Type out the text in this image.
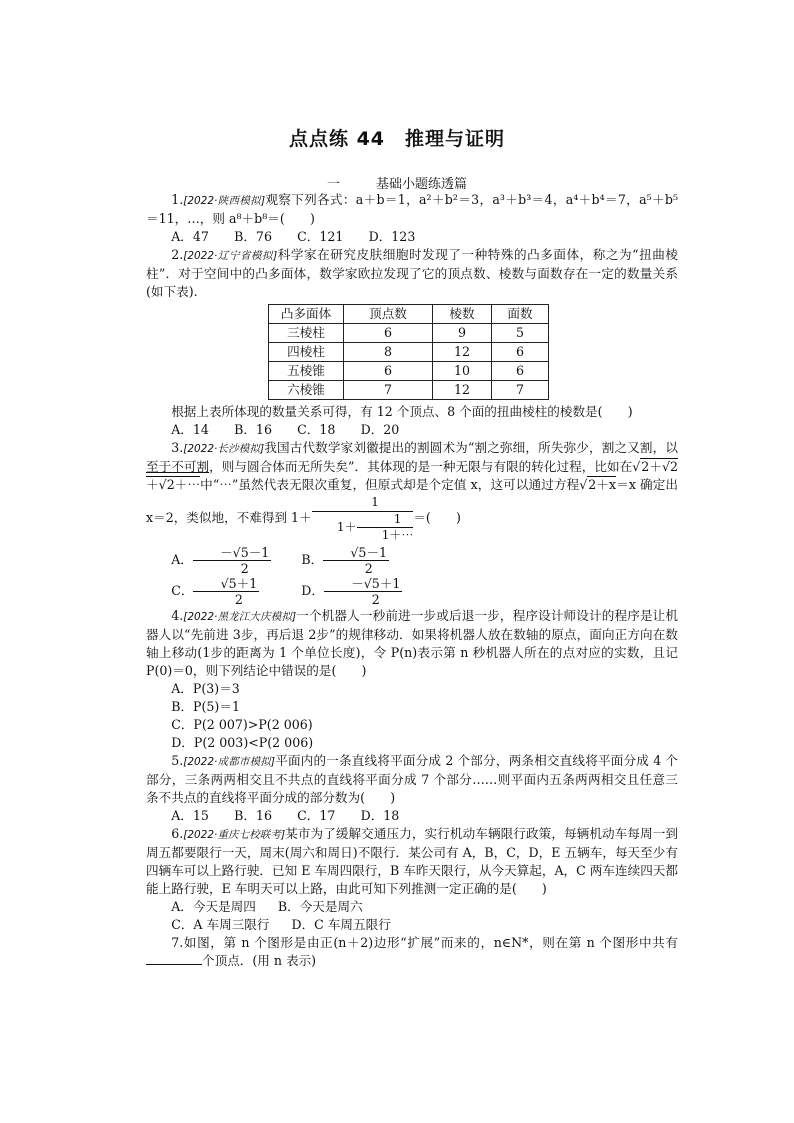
点点练 44　推理与证明
一	基础小题练透篇

1.[2022·陕西模拟]观察下列各式：a＋b＝1，a²＋b²＝3，a³＋b³＝4，a⁴＋b⁴＝7，a⁵＋b⁵＝11，…，则 a⁸＋b⁸＝(　　)

A．47　　B．76　　C．121　　D．123

2.[2022·辽宁省模拟]科学家在研究皮肤细胞时发现了一种特殊的凸多面体，称之为“扭曲棱柱”．对于空间中的凸多面体，数学家欧拉发现了它的顶点数、棱数与面数存在一定的数量关系(如下表).

凸多面体	顶点数	棱数	面数
三棱柱	6	9	5
四棱柱	8	12	6
五棱锥	6	10	6
六棱锥	7	12	7

根据上表所体现的数量关系可得，有 12 个顶点、8 个面的扭曲棱柱的棱数是(　　)

A．14　　B．16　　C．18　　D．20

3.[2022·长沙模拟]我国古代数学家刘徽提出的割圆术为“割之弥细，所失弥少，割之又割，以至于不可割，则与圆合体而无所失矣”．其体现的是一种无限与有限的转化过程，比如在 √ 2＋√2＋√2＋⋯中“⋯”虽然代表无限次重复，但原式却是个定值 x，这可以通过方程 √ 2＋x＝x 确定出 x＝2，类似地，不难得到 $1+ \frac{1}{1+ \frac{1}{1+\cdots}}$ ＝(　　)

A． $\frac{-√5-1}{2}$ B． $\frac{√5-1}{2}$

C． $\frac{√5+1}{2}$	D． $\frac{-√5+1}{2}$

4.[2022·黑龙江大庆模拟]一个机器人一秒前进一步或后退一步，程序设计师设计的程序是让机器人以“先前进 3步，再后退 2步”的规律移动．如果将机器人放在数轴的原点，面向正方向在数轴上移动(1步的距离为 1 个单位长度)，令 P(n)表示第 n 秒机器人所在的点对应的实数，且记 P(0)＝0，则下列结论中错误的是(　　)

A．P(3)＝3

B．P(5)＝1

C．P(2 007)>P(2 006)

D．P(2 003)<P(2 006)

5.[2022·成都市模拟]平面内的一条直线将平面分成 2 个部分，两条相交直线将平面分成 4 个部分，三条两两相交且不共点的直线将平面分成 7 个部分……则平面内五条两两相交且任意三条不共点的直线将平面分成的部分数为(　　)

A．15　　B．16　　C．17　　D．18

6.[2022·重庆七校联考]某市为了缓解交通压力，实行机动车辆限行政策，每辆机动车每周一到周五都要限行一天，周末(周六和周日)不限行．某公司有 A，B，C，D，E 五辆车，每天至少有四辆车可以上路行驶．已知 E 车周四限行，B 车昨天限行，从今天算起，A，C 两车连续四天都能上路行驶，E 车明天可以上路，由此可知下列推测一定正确的是(　　)

A．今天是周四 B．今天是周六

C．A 车周三限行 D．C 车周五限行

7.如图，第 n 个图形是由正(n＋2)边形“扩展”而来的，n∈N*，则在第 n 个图形中共有个顶点．(用 n 表示)
